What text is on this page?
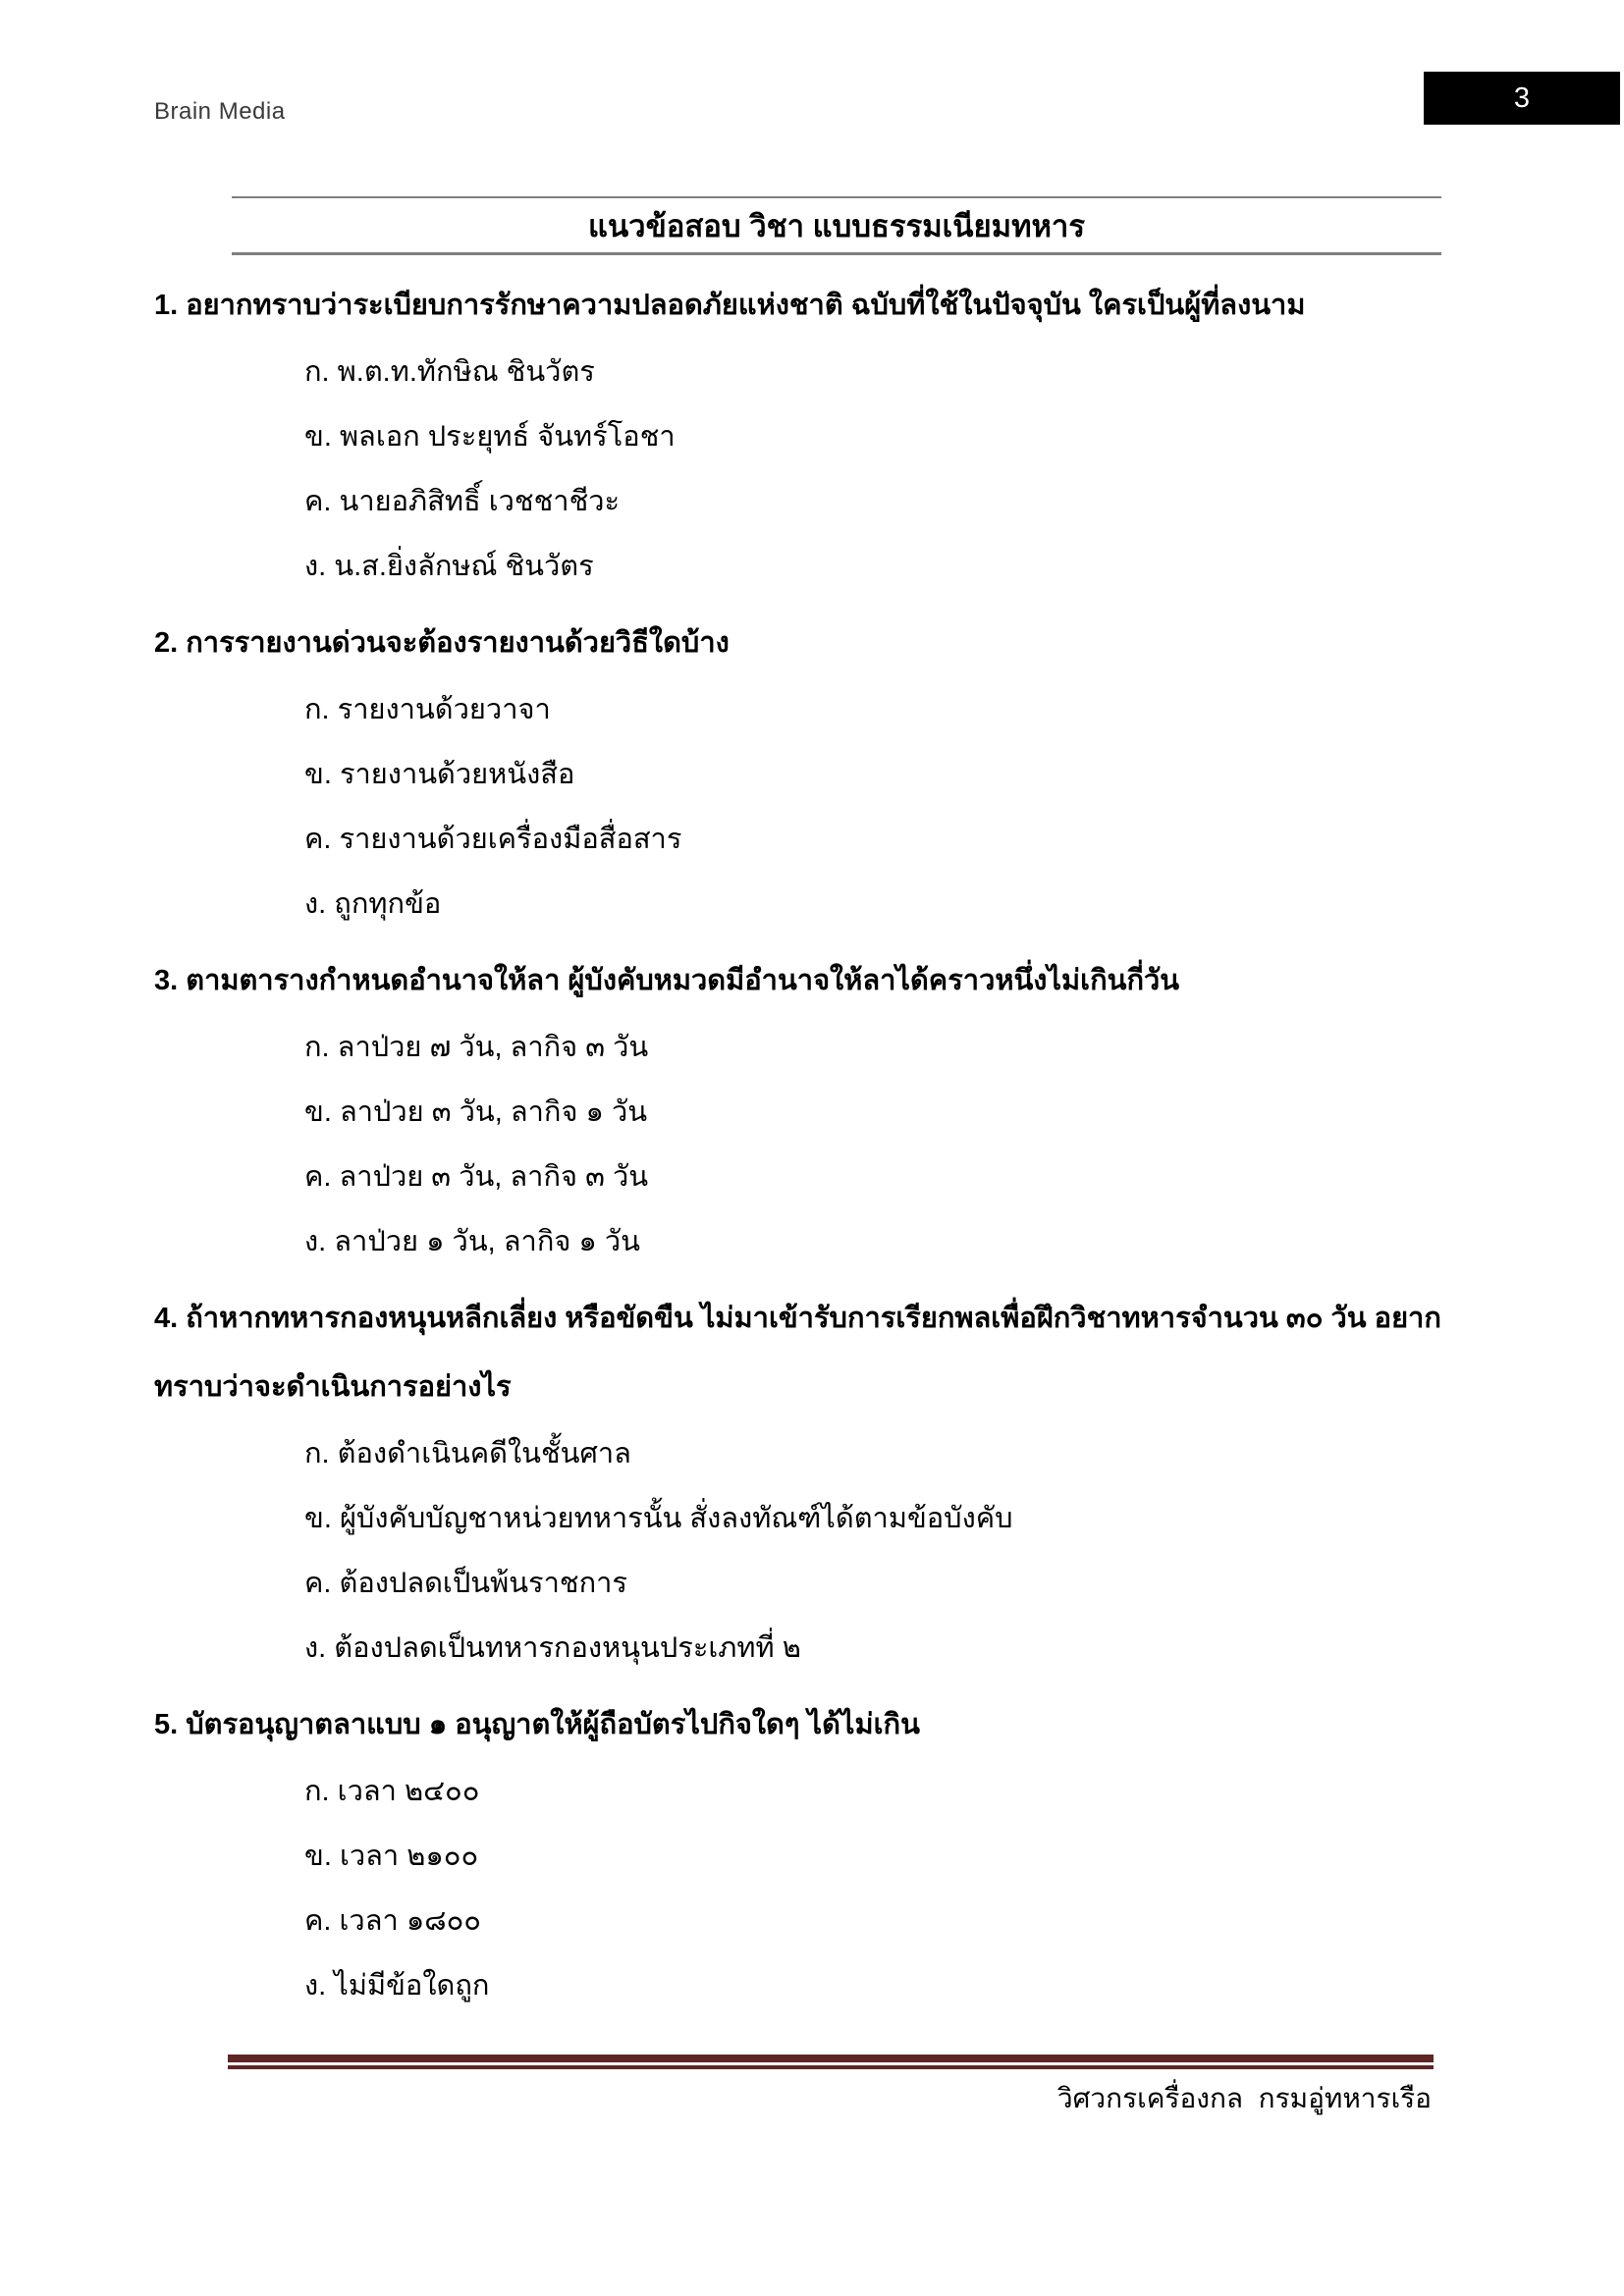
Brain Media	3
แนวข้อสอบ วิชา แบบธรรมเนียมทหาร
1. อยากทราบว่าระเบียบการรักษาความปลอดภัยแห่งชาติ ฉบับที่ใช้ในปัจจุบัน ใครเป็นผู้ที่ลงนาม
ก. พ.ต.ท.ทักษิณ ชินวัตร
ข. พลเอก ประยุทธ์ จันทร์โอชา
ค. นายอภิสิทธิ์ เวชชาชีวะ
ง. น.ส.ยิ่งลักษณ์ ชินวัตร
2. การรายงานด่วนจะต้องรายงานด้วยวิธีใดบ้าง
ก. รายงานด้วยวาจา
ข. รายงานด้วยหนังสือ
ค. รายงานด้วยเครื่องมือสื่อสาร
ง. ถูกทุกข้อ
3. ตามตารางกำหนดอำนาจให้ลา ผู้บังคับหมวดมีอำนาจให้ลาได้คราวหนึ่งไม่เกินกี่วัน
ก. ลาป่วย ๗ วัน, ลากิจ ๓ วัน
ข. ลาป่วย ๓ วัน, ลากิจ ๑ วัน
ค. ลาป่วย ๓ วัน, ลากิจ ๓ วัน
ง. ลาป่วย ๑ วัน, ลากิจ ๑ วัน
4. ถ้าหากทหารกองหนุนหลีกเลี่ยง หรือขัดขืน ไม่มาเข้ารับการเรียกพลเพื่อฝึกวิชาทหารจำนวน ๓๐ วัน อยากทราบว่าจะดำเนินการอย่างไร
ก. ต้องดำเนินคดีในชั้นศาล
ข. ผู้บังคับบัญชาหน่วยทหารนั้น สั่งลงทัณฑ์ได้ตามข้อบังคับ
ค. ต้องปลดเป็นพ้นราชการ
ง. ต้องปลดเป็นทหารกองหนุนประเภทที่ ๒
5. บัตรอนุญาตลาแบบ ๑ อนุญาตให้ผู้ถือบัตรไปกิจใดๆ ได้ไม่เกิน
ก. เวลา ๒๔๐๐
ข. เวลา ๒๑๐๐
ค. เวลา ๑๘๐๐
ง. ไม่มีข้อใดถูก
วิศวกรเครื่องกล  กรมอู่ทหารเรือ
